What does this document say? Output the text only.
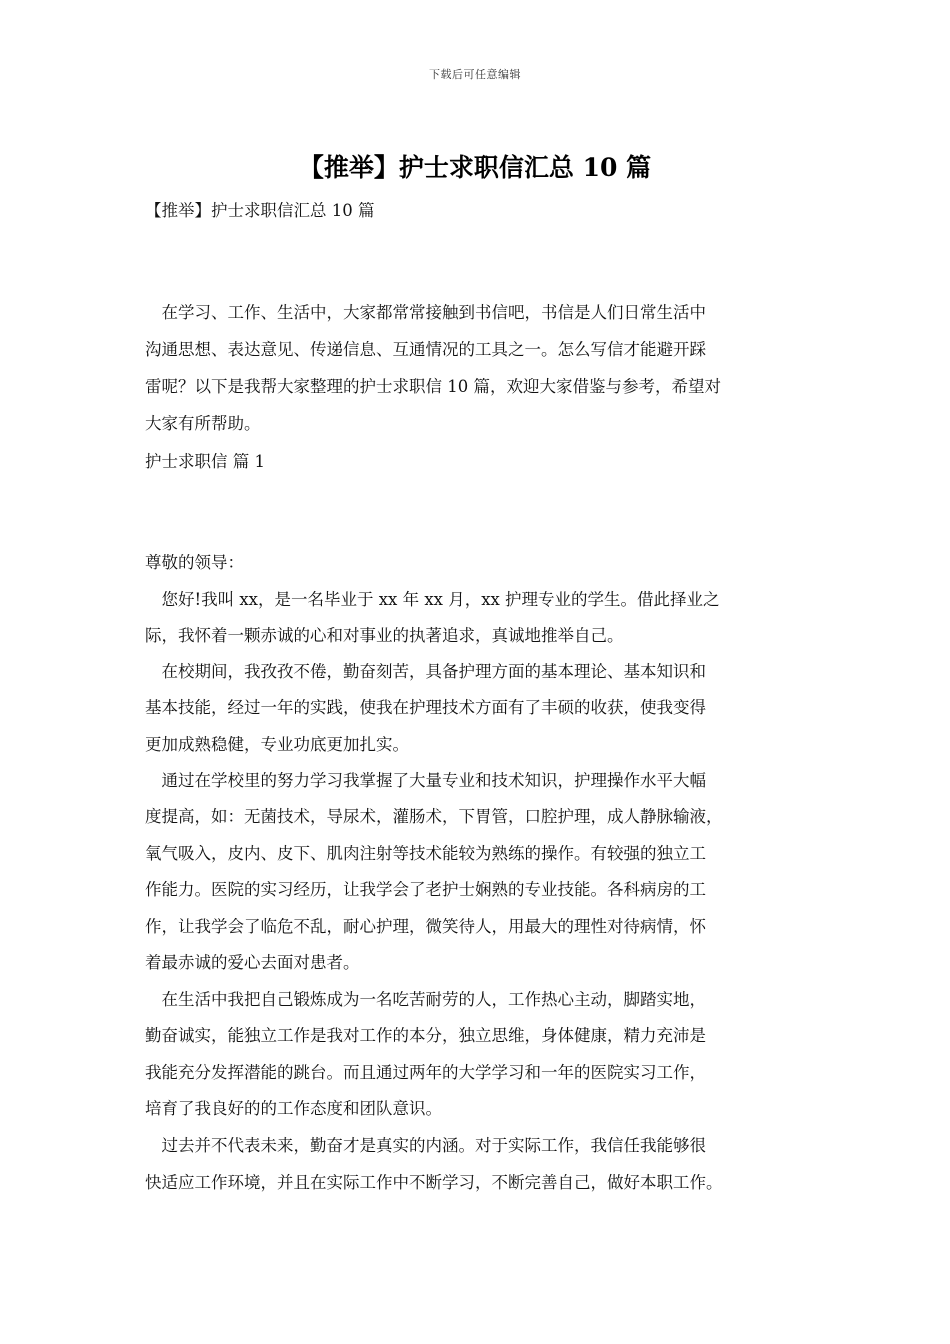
下载后可任意编辑
【推举】护士求职信汇总 10 篇
【推举】护士求职信汇总 10 篇
　在学习、工作、生活中，大家都常常接触到书信吧，书信是人们日常生活中
沟通思想、表达意见、传递信息、互通情况的工具之一。怎么写信才能避开踩
雷呢？以下是我帮大家整理的护士求职信 10 篇，欢迎大家借鉴与参考，希望对
大家有所帮助。
护士求职信 篇 1
尊敬的领导：
　您好!我叫 xx，是一名毕业于 xx 年 xx 月，xx 护理专业的学生。借此择业之
际，我怀着一颗赤诚的心和对事业的执著追求，真诚地推举自己。
　在校期间，我孜孜不倦，勤奋刻苦，具备护理方面的基本理论、基本知识和
基本技能，经过一年的实践，使我在护理技术方面有了丰硕的收获，使我变得
更加成熟稳健，专业功底更加扎实。
　通过在学校里的努力学习我掌握了大量专业和技术知识，护理操作水平大幅
度提高，如：无菌技术，导尿术，灌肠术，下胃管，口腔护理，成人静脉输液，
氧气吸入，皮内、皮下、肌肉注射等技术能较为熟练的操作。有较强的独立工
作能力。医院的实习经历，让我学会了老护士娴熟的专业技能。各科病房的工
作，让我学会了临危不乱，耐心护理，微笑待人，用最大的理性对待病情，怀
着最赤诚的爱心去面对患者。
　在生活中我把自己锻炼成为一名吃苦耐劳的人，工作热心主动，脚踏实地，
勤奋诚实，能独立工作是我对工作的本分，独立思维，身体健康，精力充沛是
我能充分发挥潜能的跳台。而且通过两年的大学学习和一年的医院实习工作，
培育了我良好的的工作态度和团队意识。
　过去并不代表未来，勤奋才是真实的内涵。对于实际工作，我信任我能够很
快适应工作环境，并且在实际工作中不断学习，不断完善自己，做好本职工作。
